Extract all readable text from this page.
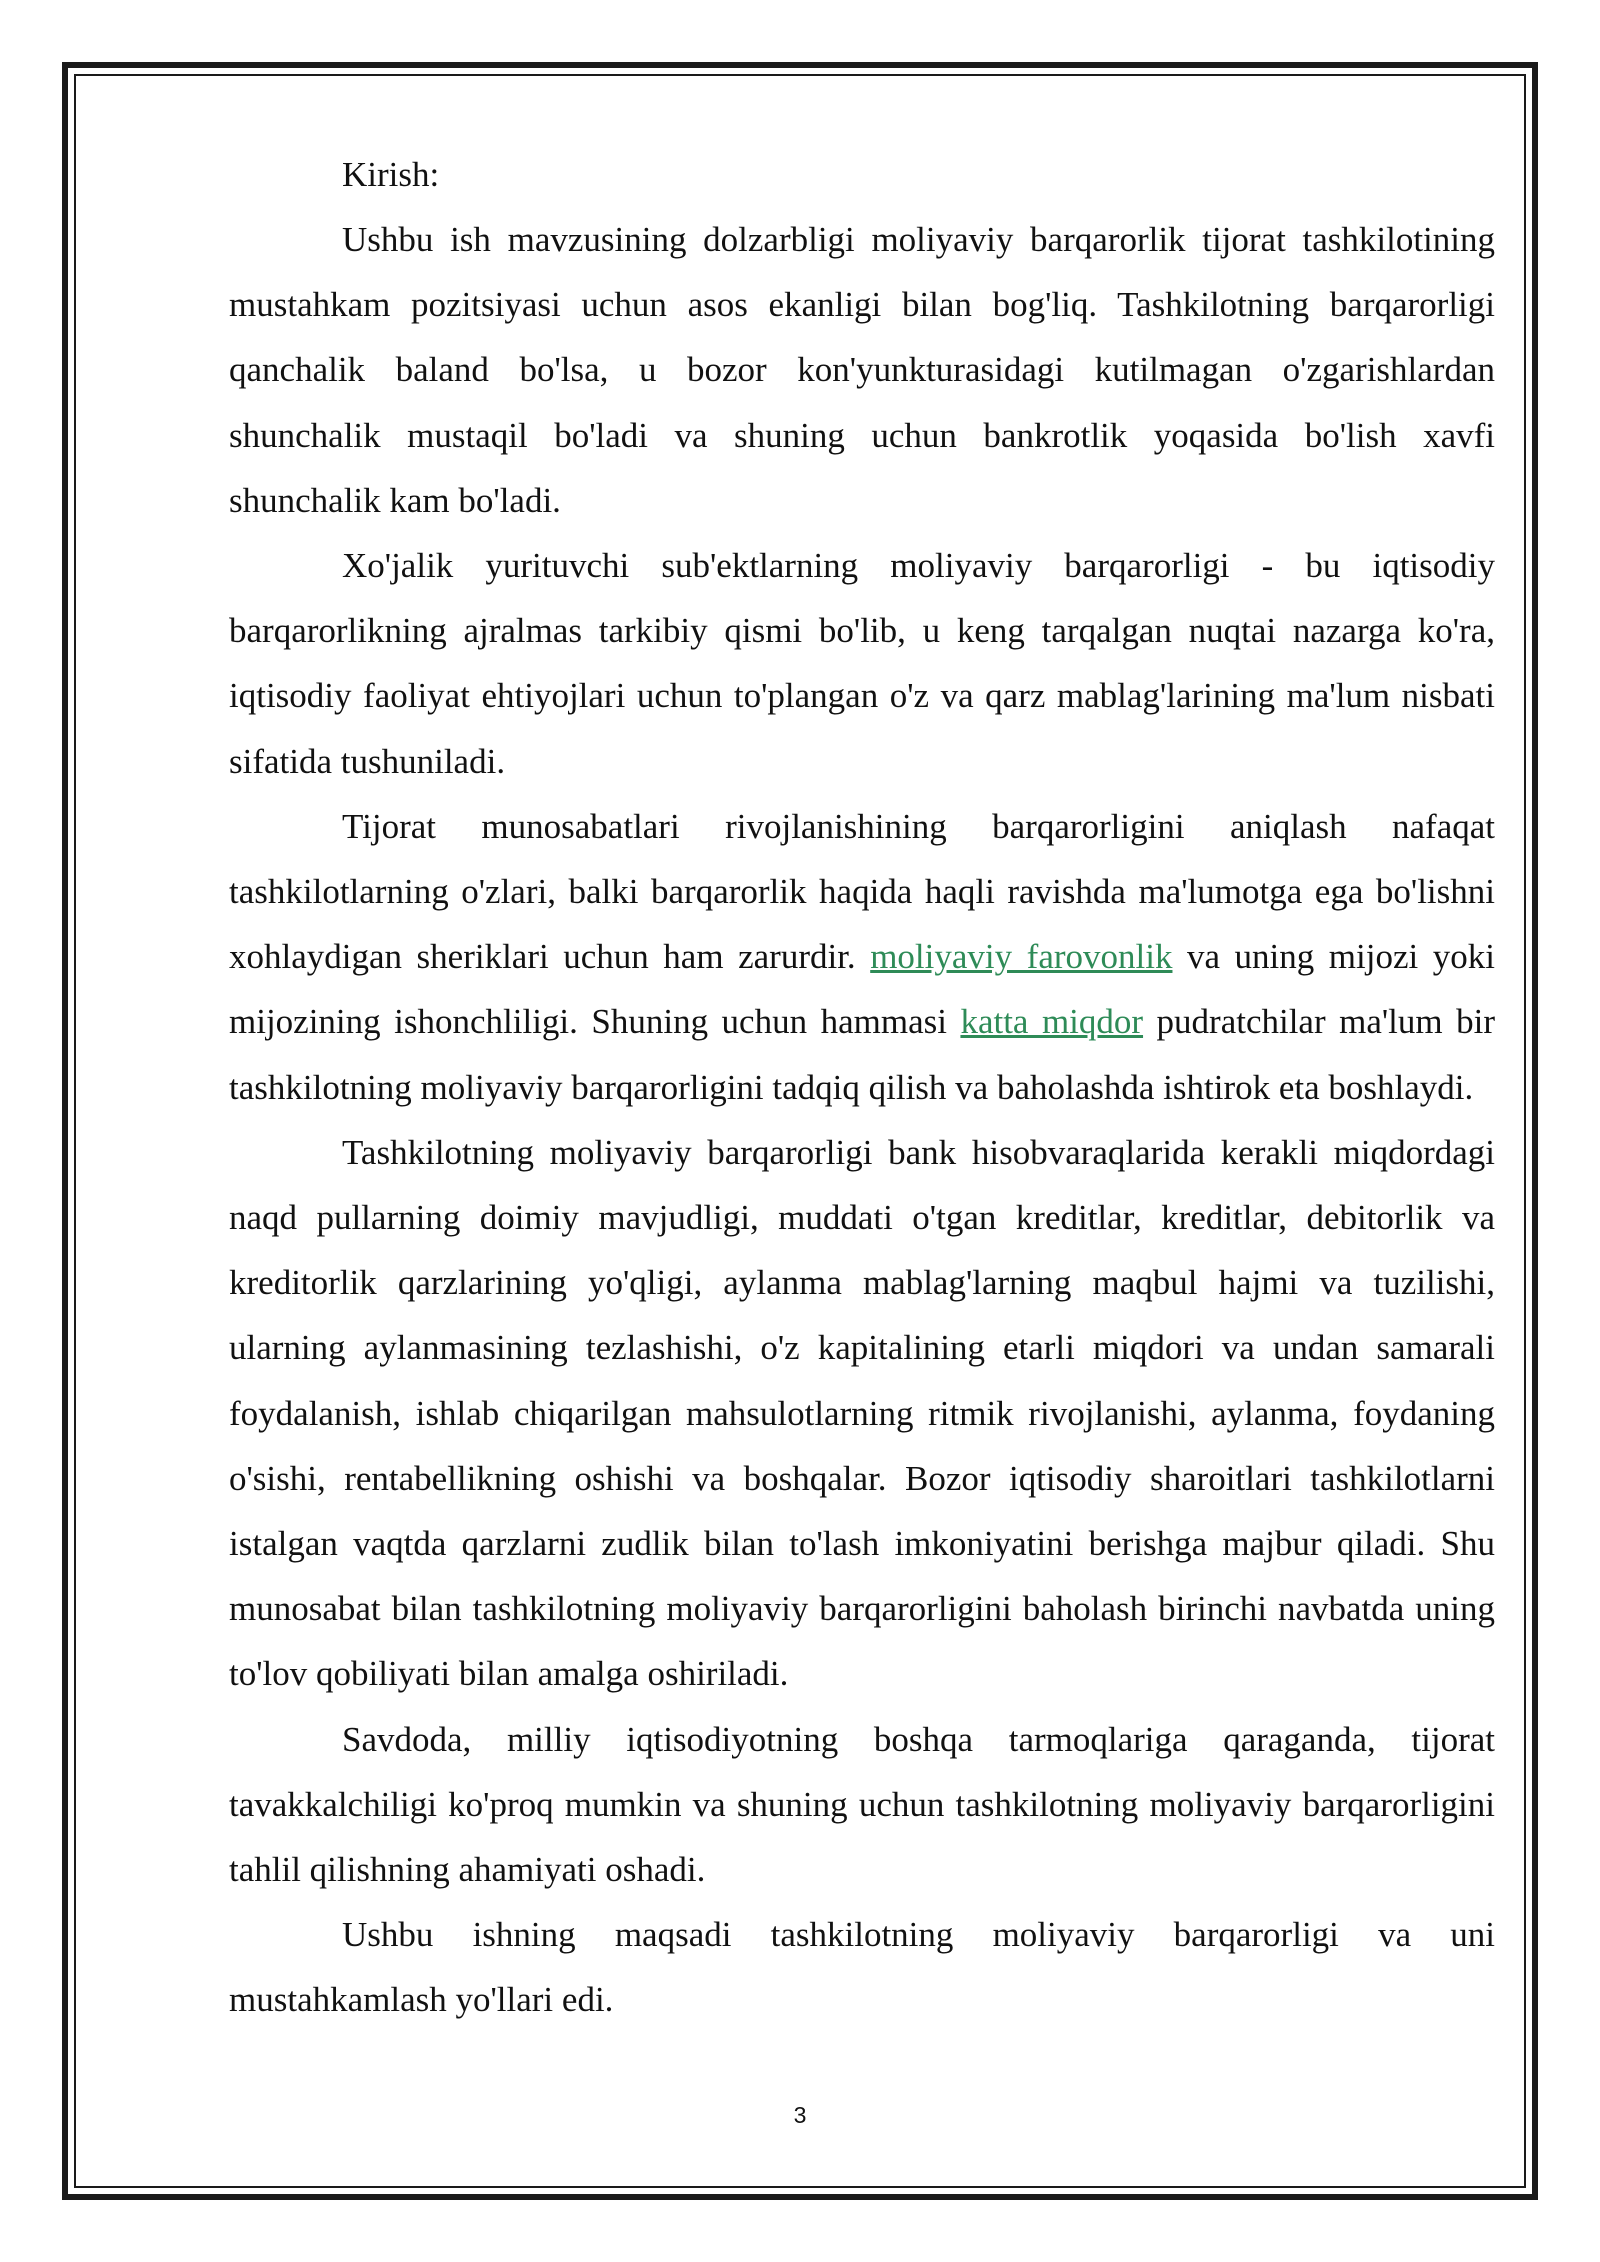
Kirish:

Ushbu ish mavzusining dolzarbligi moliyaviy barqarorlik tijorat tashkilotining mustahkam pozitsiyasi uchun asos ekanligi bilan bog'liq. Tashkilotning barqarorligi qanchalik baland bo'lsa, u bozor kon'yunkturasidagi kutilmagan o'zgarishlardan shunchalik mustaqil bo'ladi va shuning uchun bankrotlik yoqasida bo'lish xavfi shunchalik kam bo'ladi.

Xo'jalik yurituvchi sub'ektlarning moliyaviy barqarorligi - bu iqtisodiy barqarorlikning ajralmas tarkibiy qismi bo'lib, u keng tarqalgan nuqtai nazarga ko'ra, iqtisodiy faoliyat ehtiyojlari uchun to'plangan o'z va qarz mablag'larining ma'lum nisbati sifatida tushuniladi.

Tijorat munosabatlari rivojlanishining barqarorligini aniqlash nafaqat tashkilotlarning o'zlari, balki barqarorlik haqida haqli ravishda ma'lumotga ega bo'lishni xohlaydigan sheriklari uchun ham zarurdir. moliyaviy farovonlik va uning mijozi yoki mijozining ishonchliligi. Shuning uchun hammasi katta miqdor pudratchilar ma'lum bir tashkilotning moliyaviy barqarorligini tadqiq qilish va baholashda ishtirok eta boshlaydi.

Tashkilotning moliyaviy barqarorligi bank hisobvaraqlarida kerakli miqdordagi naqd pullarning doimiy mavjudligi, muddati o'tgan kreditlar, kreditlar, debitorlik va kreditorlik qarzlarining yo'qligi, aylanma mablag'larning maqbul hajmi va tuzilishi, ularning aylanmasining tezlashishi, o'z kapitalining etarli miqdori va undan samarali foydalanish, ishlab chiqarilgan mahsulotlarning ritmik rivojlanishi, aylanma, foydaning o'sishi, rentabellikning oshishi va boshqalar. Bozor iqtisodiy sharoitlari tashkilotlarni istalgan vaqtda qarzlarni zudlik bilan to'lash imkoniyatini berishga majbur qiladi. Shu munosabat bilan tashkilotning moliyaviy barqarorligini baholash birinchi navbatda uning to'lov qobiliyati bilan amalga oshiriladi.

Savdoda, milliy iqtisodiyotning boshqa tarmoqlariga qaraganda, tijorat tavakkalchiligi ko'proq mumkin va shuning uchun tashkilotning moliyaviy barqarorligini tahlil qilishning ahamiyati oshadi.

Ushbu ishning maqsadi tashkilotning moliyaviy barqarorligi va uni mustahkamlash yo'llari edi.

3
